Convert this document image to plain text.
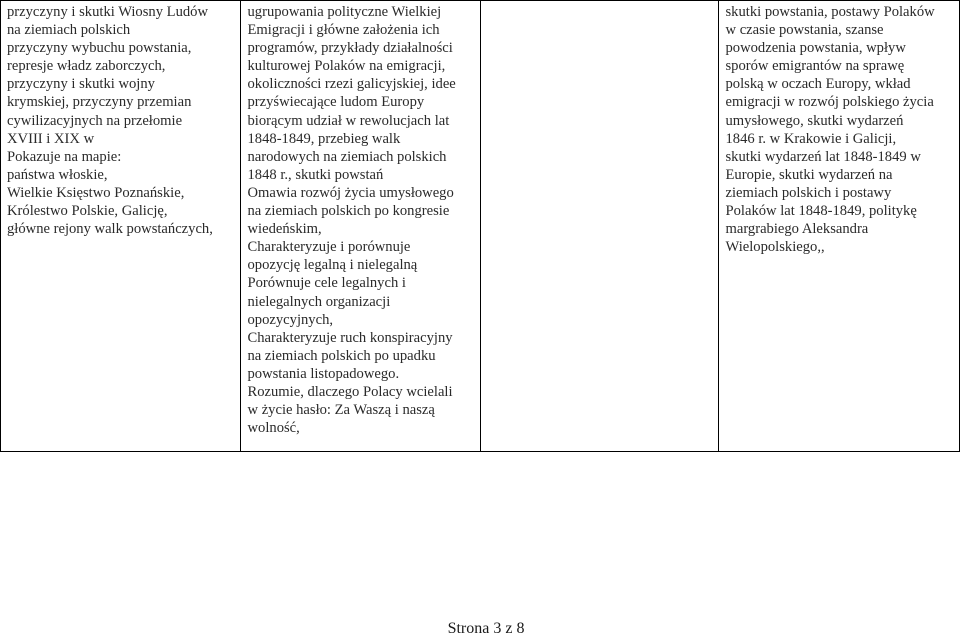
przyczyny i skutki Wiosny Ludów
na ziemiach polskich
przyczyny wybuchu powstania,
represje władz zaborczych,
przyczyny i skutki wojny
krymskiej, przyczyny przemian
cywilizacyjnych na przełomie
XVIII i XIX w
Pokazuje na mapie:
państwa włoskie,
Wielkie Księstwo Poznańskie,
Królestwo Polskie, Galicję,
główne rejony walk powstańczych,
ugrupowania polityczne Wielkiej
Emigracji i główne założenia ich
programów, przykłady działalności
kulturowej Polaków na emigracji,
okoliczności rzezi galicyjskiej, idee
przyświecające ludom Europy
biorącym udział w rewolucjach lat
1848-1849, przebieg walk
narodowych na ziemiach polskich
1848 r., skutki powstań
Omawia rozwój życia umysłowego
na ziemiach polskich po kongresie
wiedeńskim,
Charakteryzuje i porównuje
opozycję legalną i nielegalną
Porównuje cele legalnych i
nielegalnych organizacji
opozycyjnych,
Charakteryzuje ruch konspiracyjny
na ziemiach polskich po upadku
powstania listopadowego.
Rozumie, dlaczego Polacy wcielali
w życie hasło: Za Waszą i naszą
wolność,
skutki powstania, postawy Polaków
w czasie powstania, szanse
powodzenia powstania, wpływ
sporów emigrantów na sprawę
polską w oczach Europy, wkład
emigracji w rozwój polskiego życia
umysłowego, skutki wydarzeń
1846 r. w Krakowie i Galicji,
skutki wydarzeń lat 1848-1849 w
Europie, skutki wydarzeń na
ziemiach polskich i postawy
Polaków lat 1848-1849, politykę
margrabiego Aleksandra
Wielopolskiego,,
Strona 3 z 8
